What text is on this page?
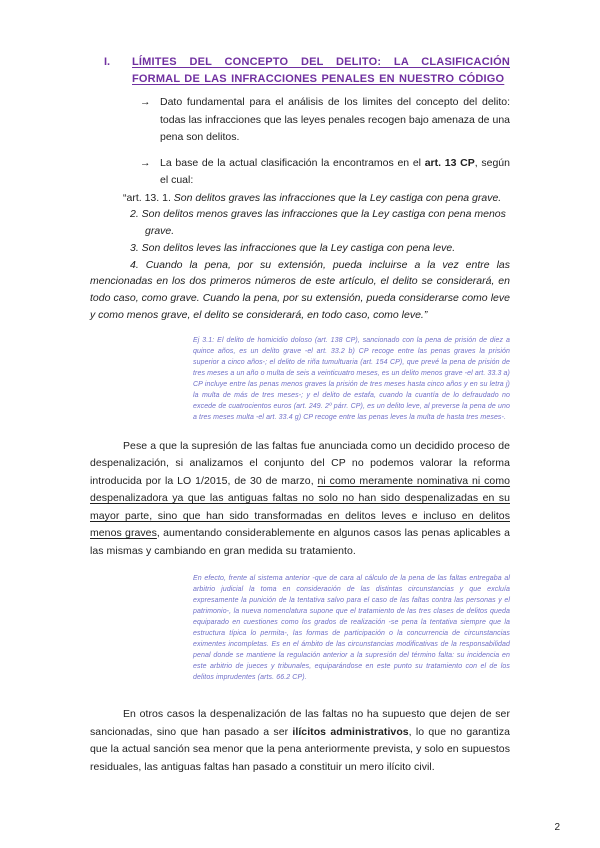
I.	LÍMITES DEL CONCEPTO DEL DELITO: LA CLASIFICACIÓN FORMAL DE LAS INFRACCIONES PENALES EN NUESTRO CÓDIGO
→ Dato fundamental para el análisis de los limites del concepto del delito: todas las infracciones que las leyes penales recogen bajo amenaza de una pena son delitos.

→ La base de la actual clasificación la encontramos en el art. 13 CP, según el cual:

“art. 13. 1. Son delitos graves las infracciones que la Ley castiga con pena grave.
2. Son delitos menos graves las infracciones que la Ley castiga con pena menos grave.
3. Son delitos leves las infracciones que la Ley castiga con pena leve.
4. Cuando la pena, por su extensión, pueda incluirse a la vez entre las mencionadas en los dos primeros números de este artículo, el delito se considerará, en todo caso, como grave. Cuando la pena, por su extensión, pueda considerarse como leve y como menos grave, el delito se considerará, en todo caso, como leve.”
Ej 3.1: El delito de homicidio doloso (art. 138 CP), sancionado con la pena de prisión de diez a quince años, es un delito grave -el art. 33.2 b) CP recoge entre las penas graves la prisión superior a cinco años-; el delito de riña tumultuaria (art. 154 CP), que prevé la pena de prisión de tres meses a un año o multa de seis a veinticuatro meses, es un delito menos grave -el art. 33.3 a) CP incluye entre las penas menos graves la prisión de tres meses hasta cinco años y en su letra j) la multa de más de tres meses-; y el delito de estafa, cuando la cuantía de lo defraudado no excede de cuatrocientos euros (art. 249. 2º párr. CP), es un delito leve, al preverse la pena de uno a tres meses multa -el art. 33.4 g) CP recoge entre las penas leves la multa de hasta tres meses-.

Pese a que la supresión de las faltas fue anunciada como un decidido proceso de despenalización, si analizamos el conjunto del CP no podemos valorar la reforma introducida por la LO 1/2015, de 30 de marzo, ni como meramente nominativa ni como despenalizadora ya que las antiguas faltas no solo no han sido despenalizadas en su mayor parte, sino que han sido transformadas en delitos leves e incluso en delitos menos graves, aumentando considerablemente en algunos casos las penas aplicables a las mismas y cambiando en gran medida su tratamiento.

En efecto, frente al sistema anterior -que de cara al cálculo de la pena de las faltas entregaba al arbitrio judicial la toma en consideración de las distintas circunstancias y que excluía expresamente la punición de la tentativa salvo para el caso de las faltas contra las personas y el patrimonio-, la nueva nomenclatura supone que el tratamiento de las tres clases de delitos queda equiparado en cuestiones como los grados de realización -se pena la tentativa siempre que la estructura típica lo permita-, las formas de participación o la concurrencia de circunstancias eximentes incompletas. Es en el ámbito de las circunstancias modificativas de la responsabilidad penal donde se mantiene la regulación anterior a la supresión del término falta: su incidencia en este arbitrio de jueces y tribunales, equiparándose en este punto su tratamiento con el de los delitos imprudentes (arts. 66.2 CP).

En otros casos la despenalización de las faltas no ha supuesto que dejen de ser sancionadas, sino que han pasado a ser ilícitos administrativos, lo que no garantiza que la actual sanción sea menor que la pena anteriormente prevista, y solo en supuestos residuales, las antiguas faltas han pasado a constituir un mero ilícito civil.

2
